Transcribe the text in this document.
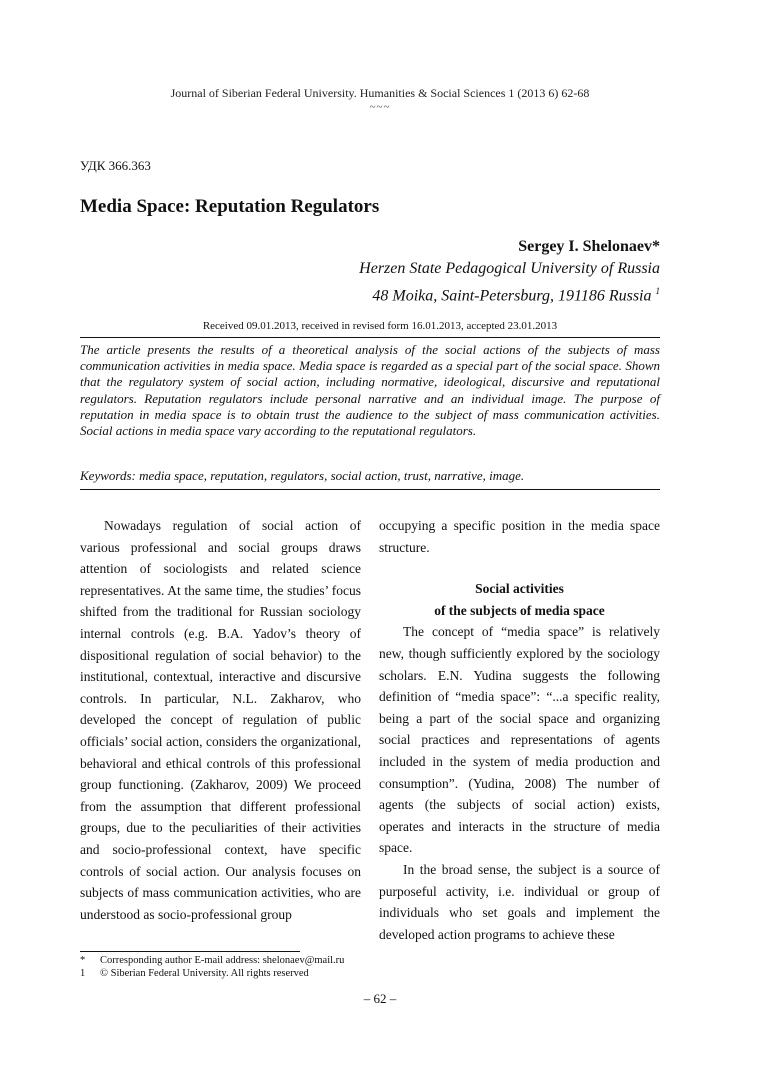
Journal of Siberian Federal University. Humanities & Social Sciences 1 (2013 6) 62-68
~~~
УДК 366.363
Media Space: Reputation Regulators
Sergey I. Shelonaev*
Herzen State Pedagogical University of Russia
48 Moika, Saint-Petersburg, 191186 Russia $^1$
Received 09.01.2013, received in revised form 16.01.2013, accepted 23.01.2013
The article presents the results of a theoretical analysis of the social actions of the subjects of mass communication activities in media space. Media space is regarded as a special part of the social space. Shown that the regulatory system of social action, including normative, ideological, discursive and reputational regulators. Reputation regulators include personal narrative and an individual image. The purpose of reputation in media space is to obtain trust the audience to the subject of mass communication activities. Social actions in media space vary according to the reputational regulators.
Keywords: media space, reputation, regulators, social action, trust, narrative, image.

Nowadays regulation of social action of various professional and social groups draws attention of sociologists and related science representatives. At the same time, the studies’ focus shifted from the traditional for Russian sociology internal controls (e.g. B.A. Yadov’s theory of dispositional regulation of social behavior) to the institutional, contextual, interactive and discursive controls. In particular, N.L. Zakharov, who developed the concept of regulation of public officials’ social action, considers the organizational, behavioral and ethical controls of this professional group functioning. (Zakharov, 2009) We proceed from the assumption that different professional groups, due to the peculiarities of their activities and socio-professional context, have specific controls of social action. Our analysis focuses on subjects of mass communication activities, who are understood as socio-professional group

occupying a specific position in the media space structure.

Social activities
of the subjects of media space

The concept of “media space” is relatively new, though sufficiently explored by the sociology scholars. E.N. Yudina suggests the following definition of “media space”: “...a specific reality, being a part of the social space and organizing social practices and representations of agents included in the system of media production and consumption”. (Yudina, 2008) The number of agents (the subjects of social action) exists, operates and interacts in the structure of media space.

In the broad sense, the subject is a source of purposeful activity, i.e. individual or group of individuals who set goals and implement the developed action programs to achieve these

* Corresponding author E-mail address: shelonaev@mail.ru
1 © Siberian Federal University. All rights reserved
– 62 –
